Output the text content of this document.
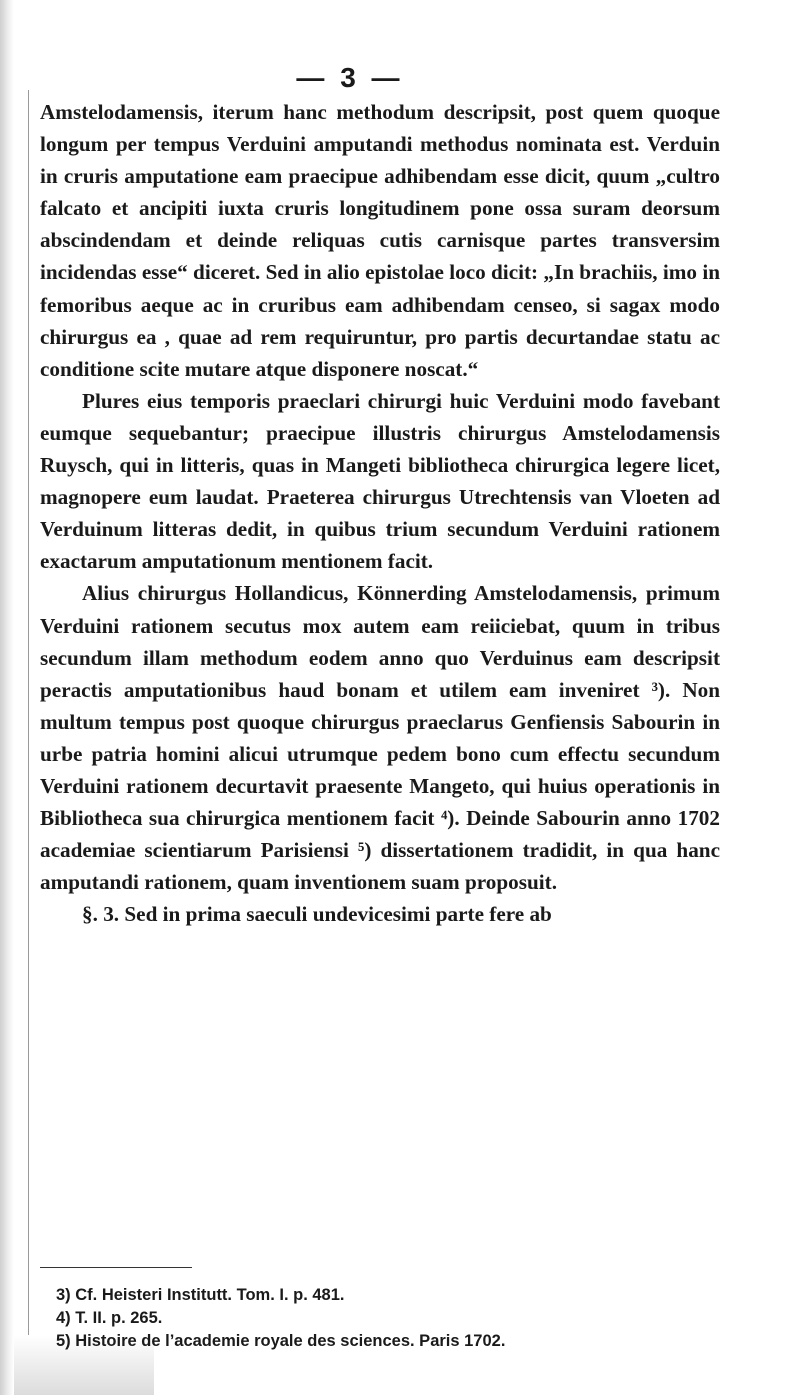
— 3 —

Amstelodamensis, iterum hanc methodum descripsit, post quem quoque longum per tempus Verduini amputandi methodus nominata est. Verduin in cruris amputatione eam praecipue adhibendam esse dicit, quum „cultro falcato et ancipiti iuxta cruris longitudinem pone ossa suram deorsum abscindendam et deinde reliquas cutis carnisque partes transversim incidendas esse“ diceret. Sed in alio epistolae loco dicit: „In brachiis, imo in femoribus aeque ac in cruribus eam adhibendam censeo, si sagax modo chirurgus ea , quae ad rem requiruntur, pro partis decurtandae statu ac conditione scite mutare atque disponere noscat.“

Plures eius temporis praeclari chirurgi huic Verduini modo favebant eumque sequebantur; praecipue illustris chirurgus Amstelodamensis Ruysch, qui in litteris, quas in Mangeti bibliotheca chirurgica legere licet, magnopere eum laudat. Praeterea chirurgus Utrechtensis van Vloeten ad Verduinum litteras dedit, in quibus trium secundum Verduini rationem exactarum amputationum mentionem facit.

Alius chirurgus Hollandicus, Könnerding Amstelodamensis, primum Verduini rationem secutus mox autem eam reiiciebat, quum in tribus secundum illam methodum eodem anno quo Verduinus eam descripsit peractis amputationibus haud bonam et utilem eam inveniret ³). Non multum tempus post quoque chirurgus praeclarus Genfiensis Sabourin in urbe patria homini alicui utrumque pedem bono cum effectu secundum Verduini rationem decurtavit praesente Mangeto, qui huius operationis in Bibliotheca sua chirurgica mentionem facit ⁴). Deinde Sabourin anno 1702 academiae scientiarum Parisiensi ⁵) dissertationem tradidit, in qua hanc amputandi rationem, quam inventionem suam proposuit.

§. 3. Sed in prima saeculi undevicesimi parte fere ab

3) Cf. Heisteri Institutt. Tom. I. p. 481.
4) T. II. p. 265.
5) Histoire de l’academie royale des sciences. Paris 1702.
